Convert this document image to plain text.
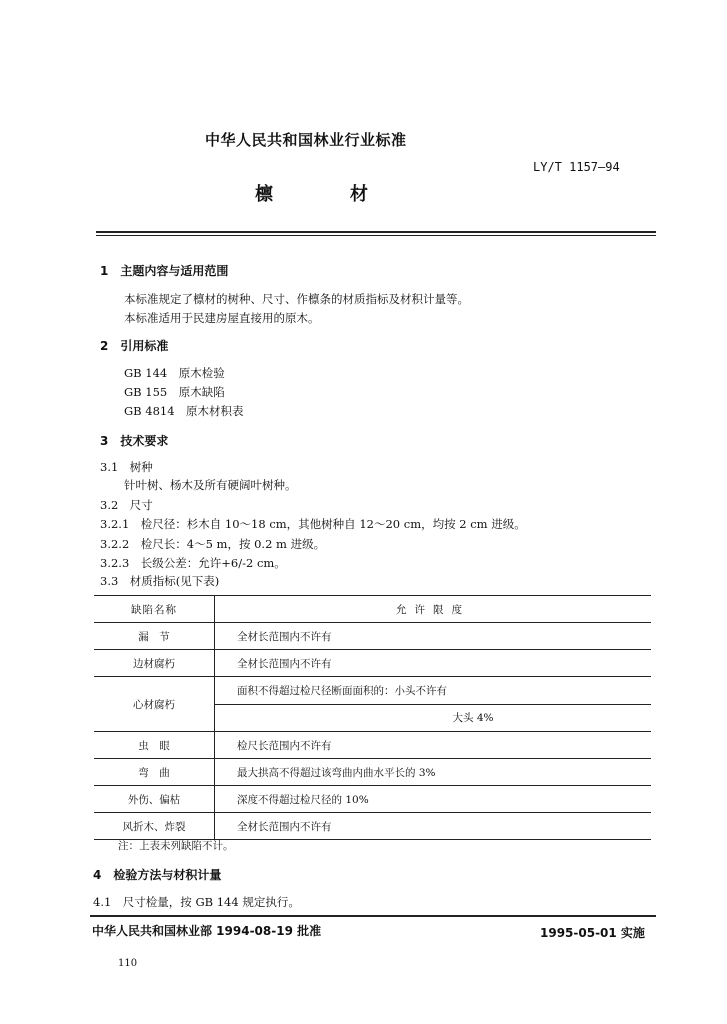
中华人民共和国林业行业标准
LY/T 1157—94
檩	材
1　主题内容与适用范围
本标准规定了檩材的树种、尺寸、作檩条的材质指标及材积计量等。
本标准适用于民建房屋直接用的原木。
2　引用标准
GB 144　原木检验
GB 155　原木缺陷
GB 4814　原木材积表
3　技术要求
3.1　树种
针叶树、杨木及所有硬阔叶树种。
3.2　尺寸
3.2.1　检尺径：杉木自 10～18 cm，其他树种自 12～20 cm，均按 2 cm 进级。
3.2.2　检尺长：4～5 m，按 0.2 m 进级。
3.2.3　长级公差：允许+6/-2 cm。
3.3　材质指标(见下表)
缺陷名称	允许限度
漏　节	全材长范围内不许有
边材腐朽	全材长范围内不许有
心材腐朽	面积不得超过检尺径断面面积的：小头不许有
	大头 4%
虫　眼	检尺长范围内不许有
弯　曲	最大拱高不得超过该弯曲内曲水平长的 3%
外伤、偏枯	深度不得超过检尺径的 10%
风折木、炸裂	全材长范围内不许有
注：上表未列缺陷不计。
4　检验方法与材积计量
4.1　尺寸检量，按 GB 144 规定执行。
中华人民共和国林业部 1994-08-19 批准	1995-05-01 实施
110
